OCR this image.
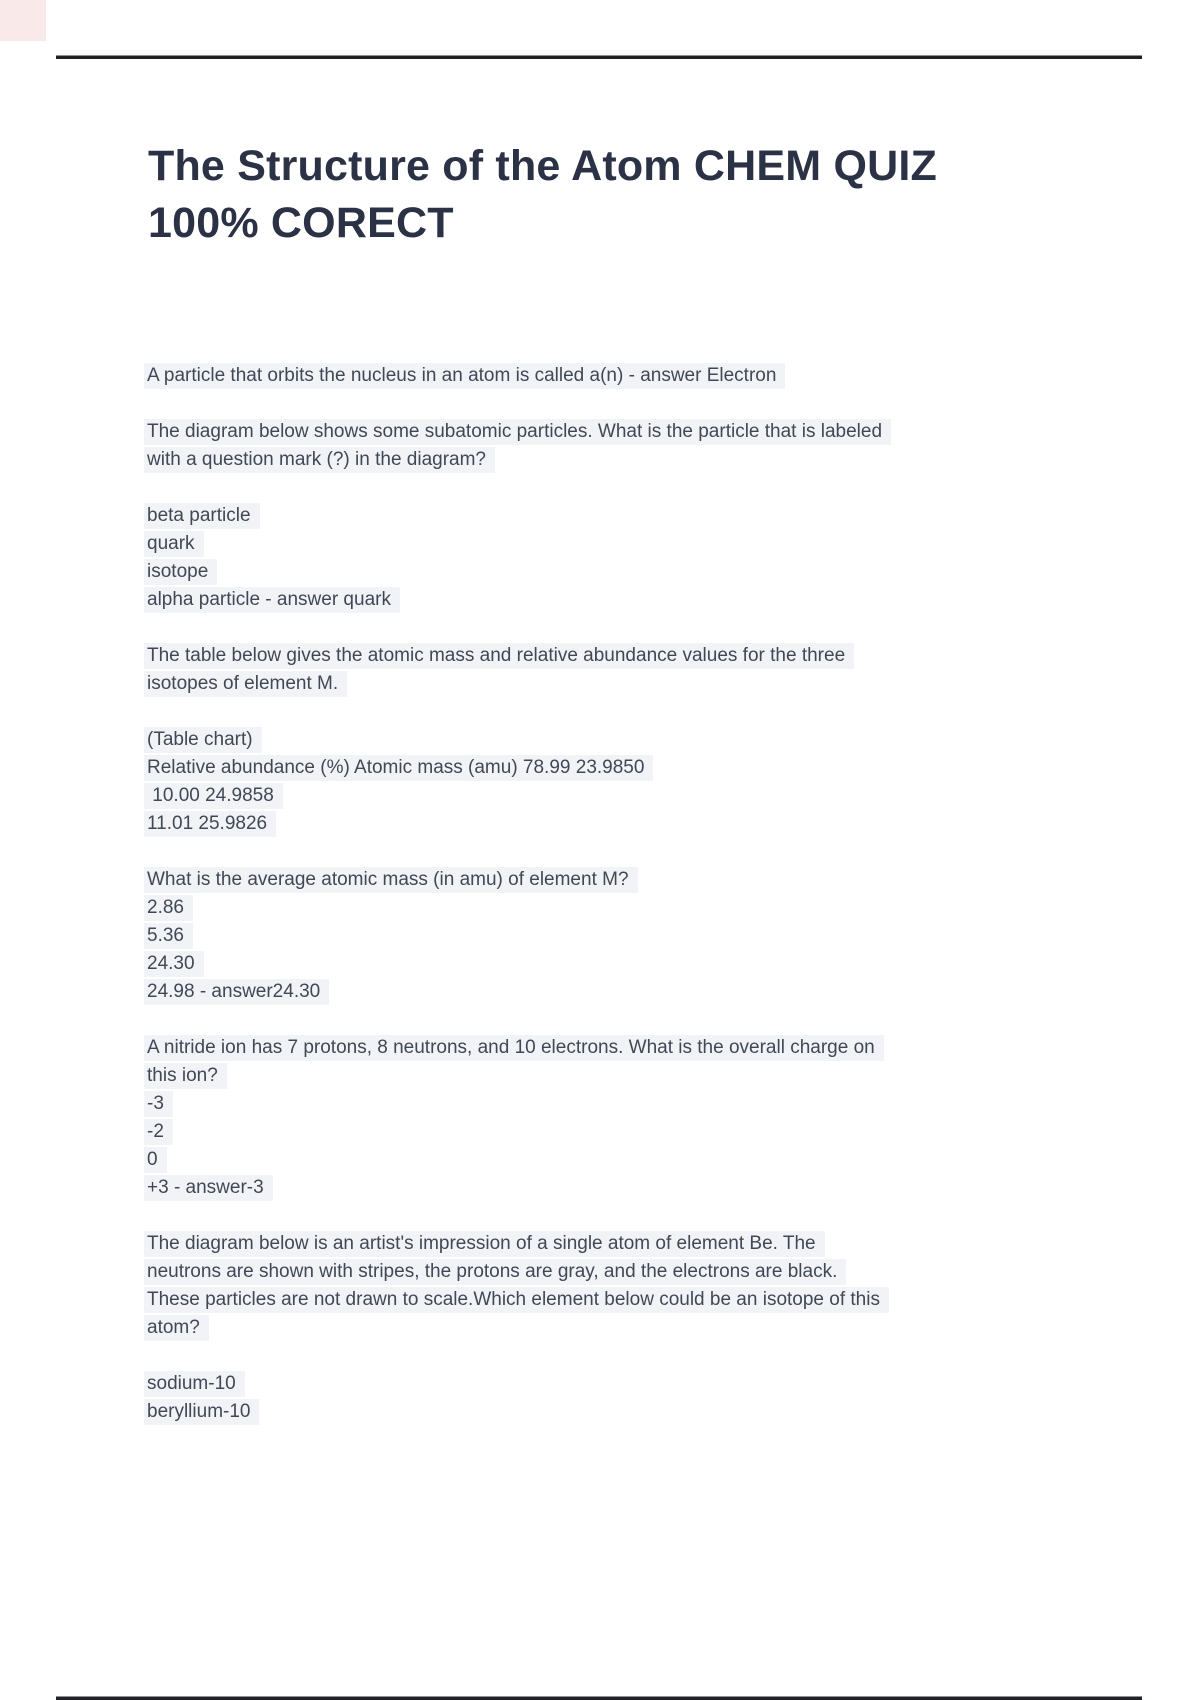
The Structure of the Atom CHEM QUIZ
100% CORECT
A particle that orbits the nucleus in an atom is called a(n) - answer Electron
The diagram below shows some subatomic particles. What is the particle that is labeled
with a question mark (?) in the diagram?
beta particle
quark
isotope
alpha particle - answer quark
The table below gives the atomic mass and relative abundance values for the three
isotopes of element M.
(Table chart)
Relative abundance (%) Atomic mass (amu) 78.99 23.9850
10.00 24.9858
11.01 25.9826
What is the average atomic mass (in amu) of element M?
2.86
5.36
24.30
24.98 - answer24.30
A nitride ion has 7 protons, 8 neutrons, and 10 electrons. What is the overall charge on
this ion?
-3
-2
0
+3 - answer-3
The diagram below is an artist's impression of a single atom of element Be. The
neutrons are shown with stripes, the protons are gray, and the electrons are black.
These particles are not drawn to scale.Which element below could be an isotope of this
atom?
sodium-10
beryllium-10
